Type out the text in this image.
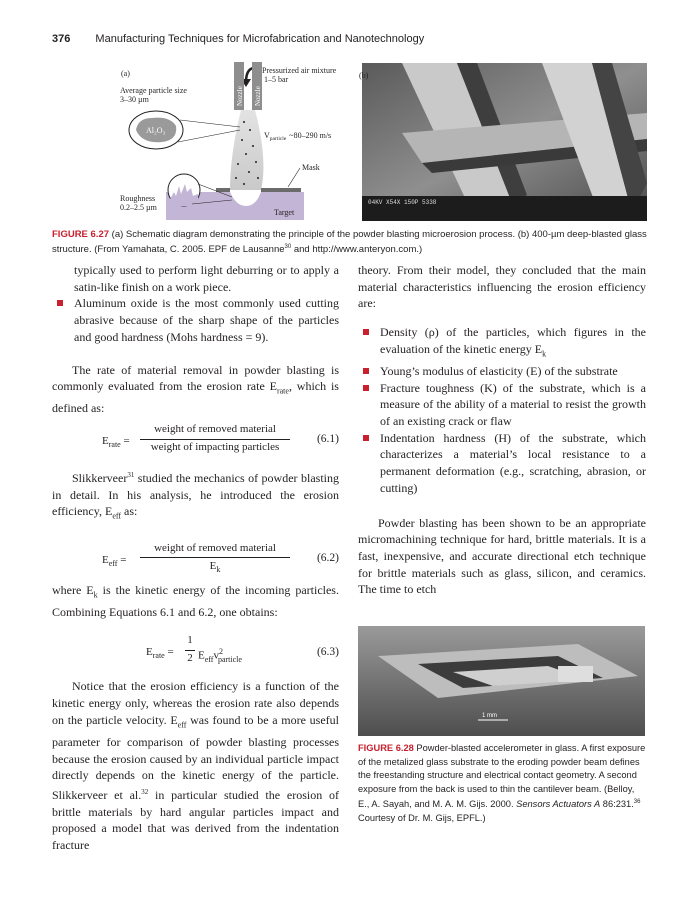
376 Manufacturing Techniques for Microfabrication and Nanotechnology
(a)	Pressurized air mixture
1–5 bar
Average particle size
3–30 µm	Nozzle Nozzle
Al₂O₃
$V_{particle}$ ~80–290 m/s
Mask
Target
Roughness
0.2–2.5 µm
04KV X54X 150P 5338
(b)
FIGURE 6.27 (a) Schematic diagram demonstrating the principle of the powder blasting microerosion process. (b) 400-µm deep-blasted glass structure. (From Yamahata, C. 2005. EPF de Lausanne$^{30}$ and http://www.anteryon.com.)

typically used to perform light deburring or to apply a satin-like finish on a work piece.

Aluminum oxide is the most commonly used cutting abrasive because of the sharp shape of the particles and good hardness (Mohs hardness = 9).

The rate of material removal in powder blasting is commonly evaluated from the erosion rate $E_{rate}$, which is defined as:

$E_{rate}$ =
weight of removed material
weight of impacting particles
(6.1)

Slikkerveer$^{31}$ studied the mechanics of powder blasting in detail. In his analysis, he introduced the erosion efficiency, $E_{eff}$ as:

$E_{eff}$ =
weight of removed material
$E_k$
(6.2)

where $E_k$ is the kinetic energy of the incoming particles. Combining Equations 6.1 and 6.2, one obtains:

$E_{rate}$ =
1
2 $E_{eff}v^2_{particle}$
(6.3)

Notice that the erosion efficiency is a function of the kinetic energy only, whereas the erosion rate also depends on the particle velocity. $E_{eff}$ was found to be a more useful parameter for comparison of powder blasting processes because the erosion caused by an individual particle impact directly depends on the kinetic energy of the particle. Slikkerveer et al.$^{32}$ in particular studied the erosion of brittle materials by hard angular particles impact and proposed a model that was derived from the indentation fracture

theory. From their model, they concluded that the main material characteristics influencing the erosion efficiency are:

Density (ρ) of the particles, which figures in the evaluation of the kinetic energy $E_k$

Young’s modulus of elasticity (E) of the substrate

Fracture toughness (K) of the substrate, which is a measure of the ability of a material to resist the growth of an existing crack or flaw

Indentation hardness (H) of the substrate, which characterizes a material’s local resistance to a permanent deformation (e.g., scratching, abrasion, or cutting)

Powder blasting has been shown to be an appropriate micromachining technique for hard, brittle materials. It is a fast, inexpensive, and accurate directional etch technique for brittle materials such as glass, silicon, and ceramics. The time to etch

1 mm
FIGURE 6.28 Powder-blasted accelerometer in glass. A first exposure of the metalized glass substrate to the eroding powder beam defines the freestanding structure and electrical contact geometry. A second exposure from the back is used to thin the cantilever beam. (Belloy, E., A. Sayah, and M. A. M. Gijs. 2000. Sensors Actuators A 86:231.36 Courtesy of Dr. M. Gijs, EPFL.)
